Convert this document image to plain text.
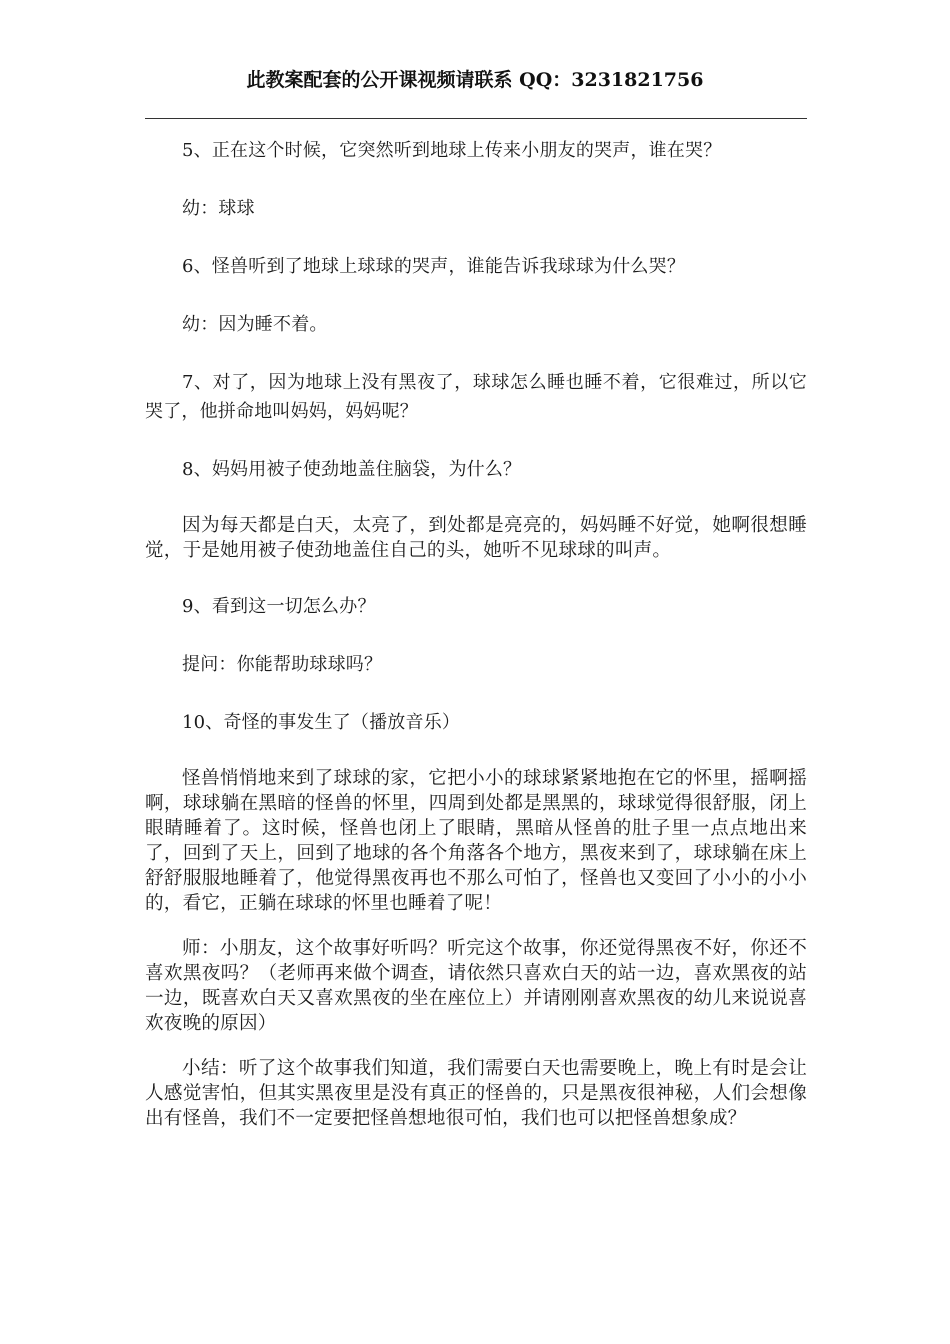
此教案配套的公开课视频请联系 QQ：3231821756

5、正在这个时候，它突然听到地球上传来小朋友的哭声，谁在哭？

幼：球球

6、怪兽听到了地球上球球的哭声，谁能告诉我球球为什么哭？

幼：因为睡不着。

7、对了，因为地球上没有黑夜了，球球怎么睡也睡不着，它很难过，所以它哭了，他拼命地叫妈妈，妈妈呢？

8、妈妈用被子使劲地盖住脑袋，为什么？

因为每天都是白天，太亮了，到处都是亮亮的，妈妈睡不好觉，她啊很想睡觉，于是她用被子使劲地盖住自己的头，她听不见球球的叫声。

9、看到这一切怎么办？

提问：你能帮助球球吗？

10、奇怪的事发生了（播放音乐）

怪兽悄悄地来到了球球的家，它把小小的球球紧紧地抱在它的怀里，摇啊摇啊，球球躺在黑暗的怪兽的怀里，四周到处都是黑黑的，球球觉得很舒服，闭上眼睛睡着了。这时候，怪兽也闭上了眼睛，黑暗从怪兽的肚子里一点点地出来了，回到了天上，回到了地球的各个角落各个地方，黑夜来到了，球球躺在床上舒舒服服地睡着了，他觉得黑夜再也不那么可怕了，怪兽也又变回了小小的小小的，看它，正躺在球球的怀里也睡着了呢！

师：小朋友，这个故事好听吗？听完这个故事，你还觉得黑夜不好，你还不喜欢黑夜吗？（老师再来做个调查，请依然只喜欢白天的站一边，喜欢黑夜的站一边，既喜欢白天又喜欢黑夜的坐在座位上）并请刚刚喜欢黑夜的幼儿来说说喜欢夜晚的原因）

小结：听了这个故事我们知道，我们需要白天也需要晚上，晚上有时是会让人感觉害怕，但其实黑夜里是没有真正的怪兽的，只是黑夜很神秘，人们会想像出有怪兽，我们不一定要把怪兽想地很可怕，我们也可以把怪兽想象成？
